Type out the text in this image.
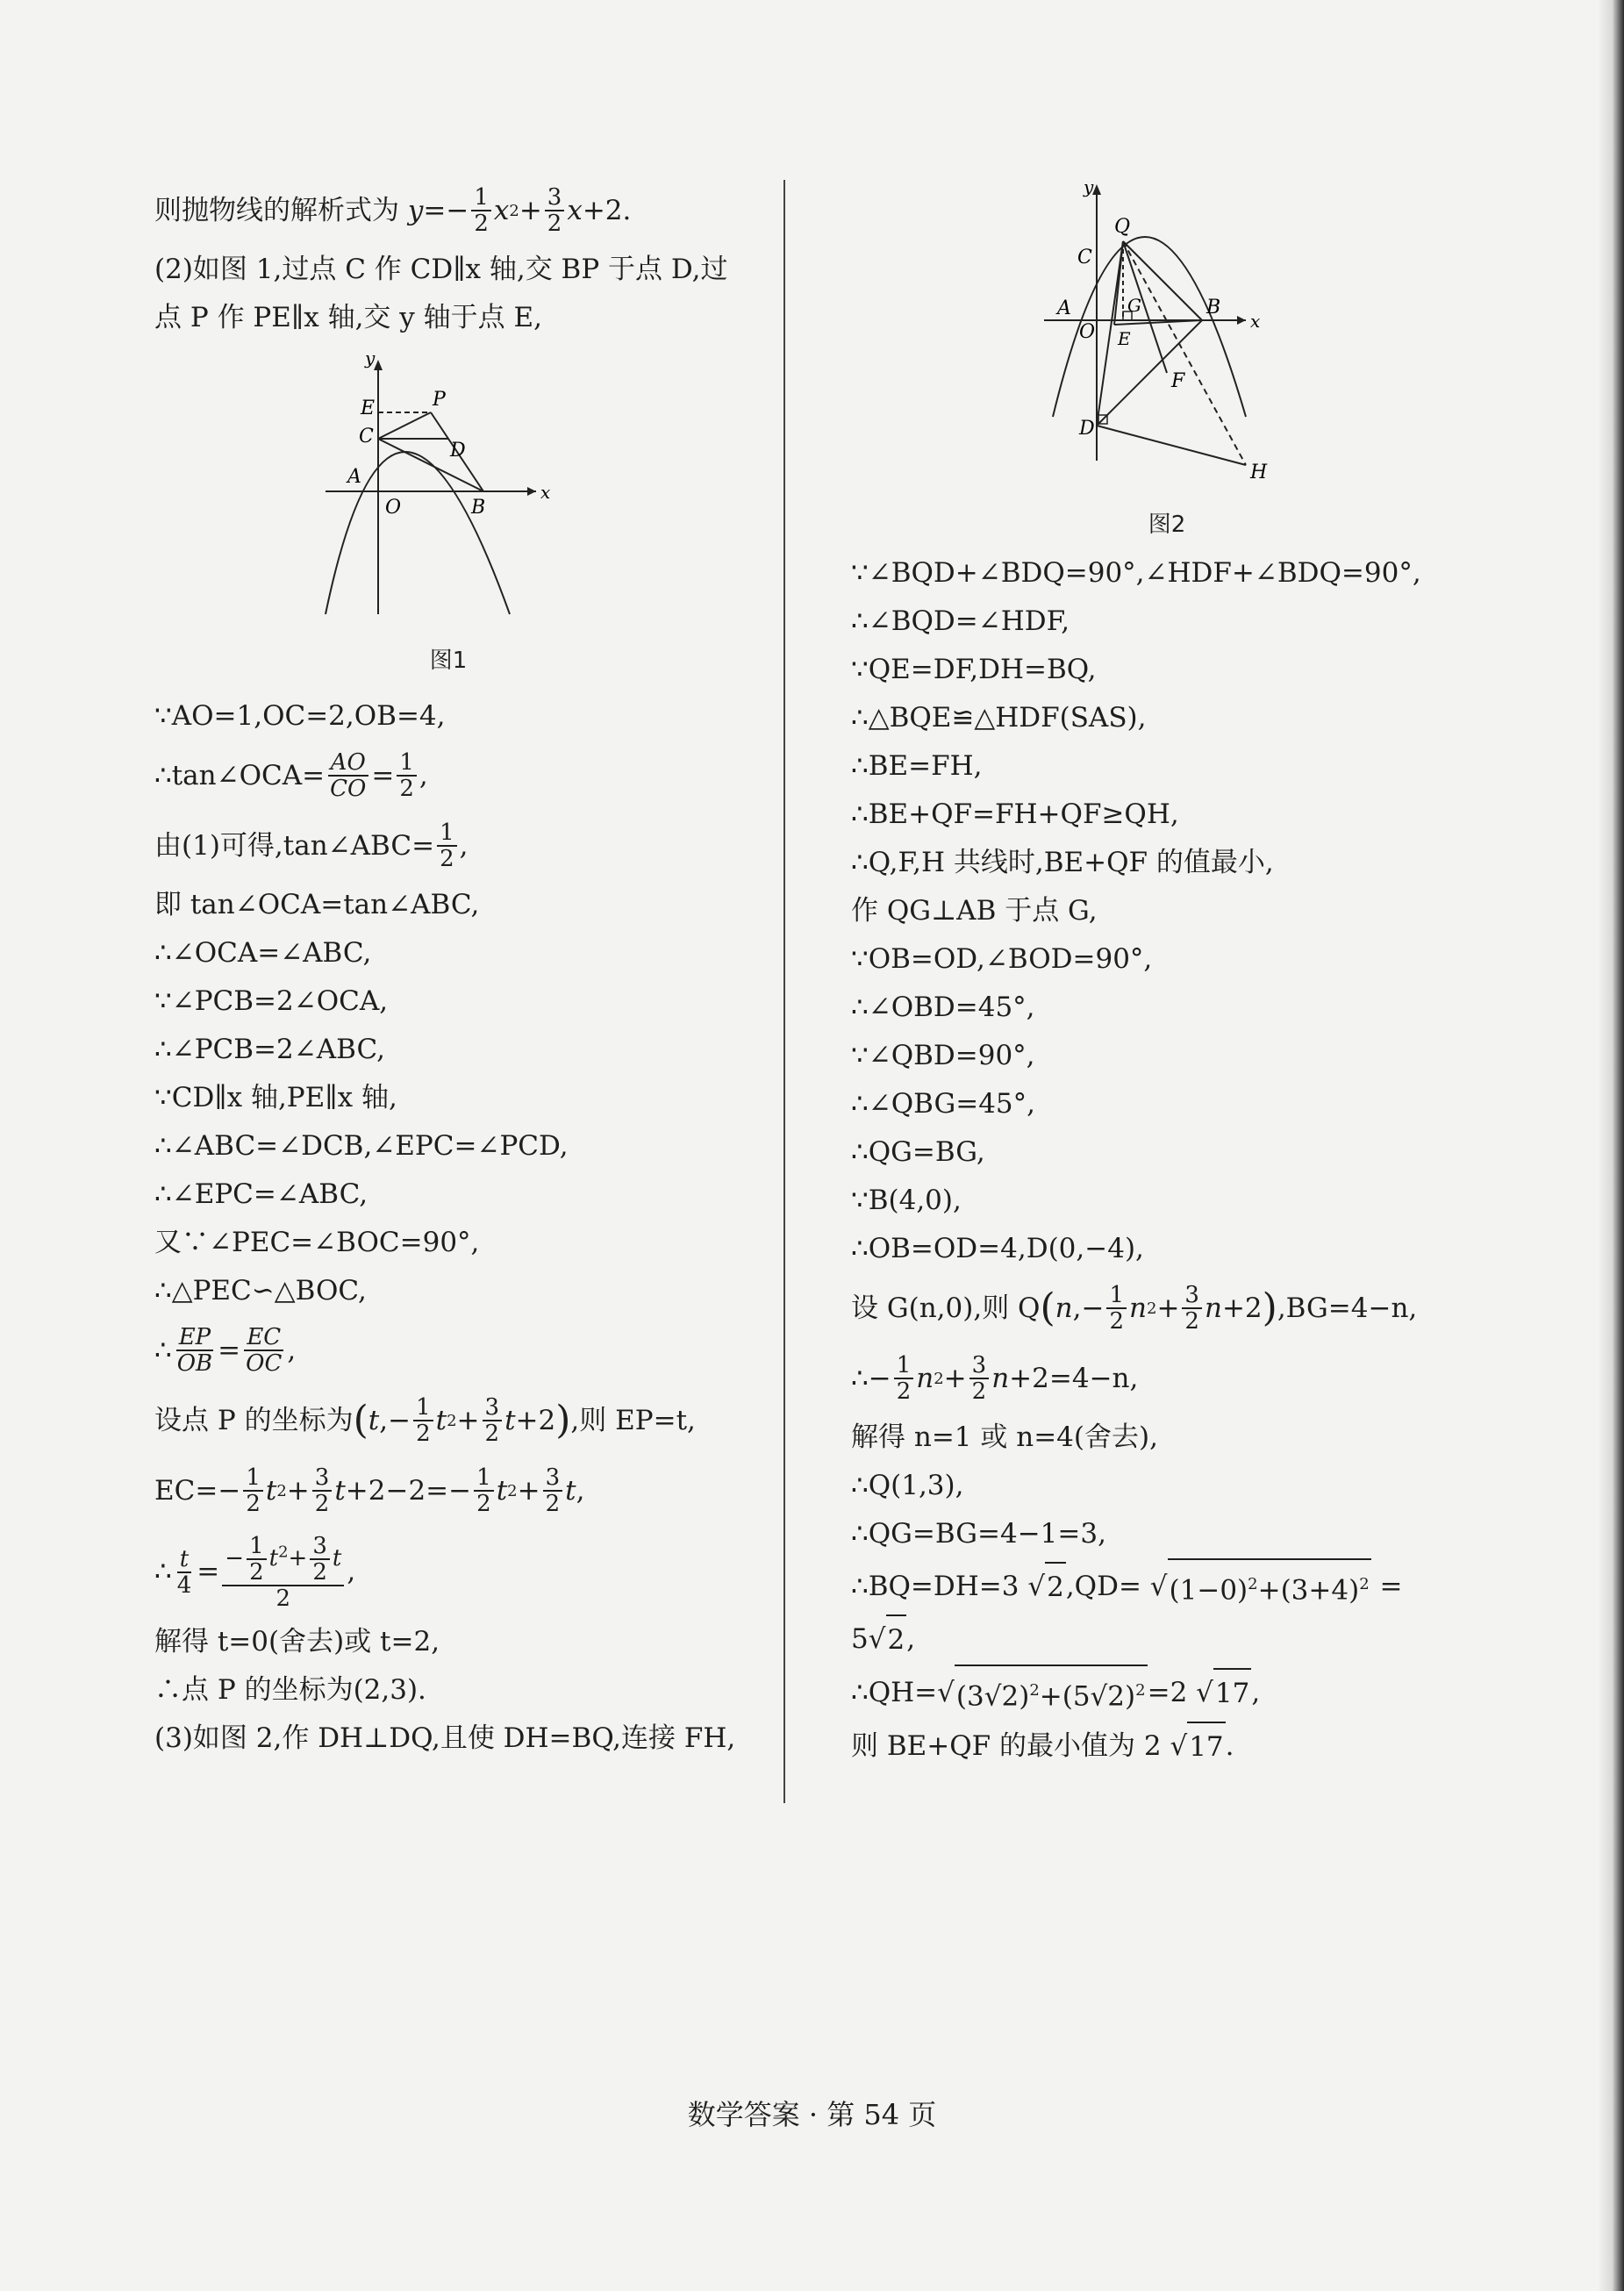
则抛物线的解析式为
$y =- \frac{1}{2}$ x $2 + \frac{3}{2}$ x +2.
(2)如图 1,过点 C 作 CD∥x 轴,交 BP 于点 D,过
点 P 作 PE∥x 轴,交 y 轴于点 E,
y
x
E
C
P
D
A
O	B
图1
∵AO=1,OC=2,OB=4,
∴tan∠OCA= $\frac{AO}{CO} = \frac{1}{2}$ ,
由(1)可得,tan∠ABC= $\frac{1}{2}$ ,
即 tan∠OCA=tan∠ABC,
∴∠OCA=∠ABC,
∵∠PCB=2∠OCA,
∴∠PCB=2∠ABC,
∵CD∥x 轴,PE∥x 轴,
∴∠ABC=∠DCB,∠EPC=∠PCD,
∴∠EPC=∠ABC,
又∵∠PEC=∠BOC=90°,
∴△PEC∽△BOC,
∴ $\frac{EP}{OB} = \frac{EC}{OC}$ ,
设点 P 的坐标为 ( t ,− $\frac{1}{2}$ t $2 + \frac{3}{2}$ t +2 ) ,则 EP=t,
$EC=- \frac{1}{2}$ t $2 + \frac{3}{2}$ $t +2-2=- \frac{1}{2}$ t $2 + \frac{3}{2}$ t ,
∴ $\frac{t}{4} = \frac{- \frac{1}{2} t^2+ \frac{3}{2} t}{2}$ ,
解得 t=0(舍去)或 t=2,
∴点 P 的坐标为(2,3).
(3)如图 2,作 DH⊥DQ,且使 DH=BQ,连接 FH,
y
x
Q
C
G
A	B
O E
F
D
H
图2
∵∠BQD+∠BDQ=90°,∠HDF+∠BDQ=90°,
∴∠BQD=∠HDF,
∵QE=DF,DH=BQ,
∴△BQE≌△HDF(SAS),
∴BE=FH,
∴BE+QF=FH+QF≥QH,
∴Q,F,H 共线时,BE+QF 的值最小,
作 QG⊥AB 于点 G,
∵OB=OD,∠BOD=90°,
∴∠OBD=45°,
∵∠QBD=90°,
∴∠QBG=45°,
∴QG=BG,
∵B(4,0),
∴OB=OD=4,D(0,−4),
设 G(n,0),则 Q ( n ,− $\frac{1}{2}$ n $2 + \frac{3}{2}$ n +2 ) ,BG=4−n,
∴− $\frac{1}{2}$ n $2 + \frac{3}{2}$ n +2 =4−n,
解得 n=1 或 n=4(舍去),
∴Q(1,3),
∴QG=BG=4−1=3,
∴BQ=DH=3 √ 2 ,QD= √ $(1-0)^2+(3+4)^2$
=
5 √ 2 ,
∴QH= √ $(3√2)^2+(5√2)^2 =2$ √ 17 ,
则 BE+QF 的最小值为 2 √ 17 .
数学答案 · 第 54 页
